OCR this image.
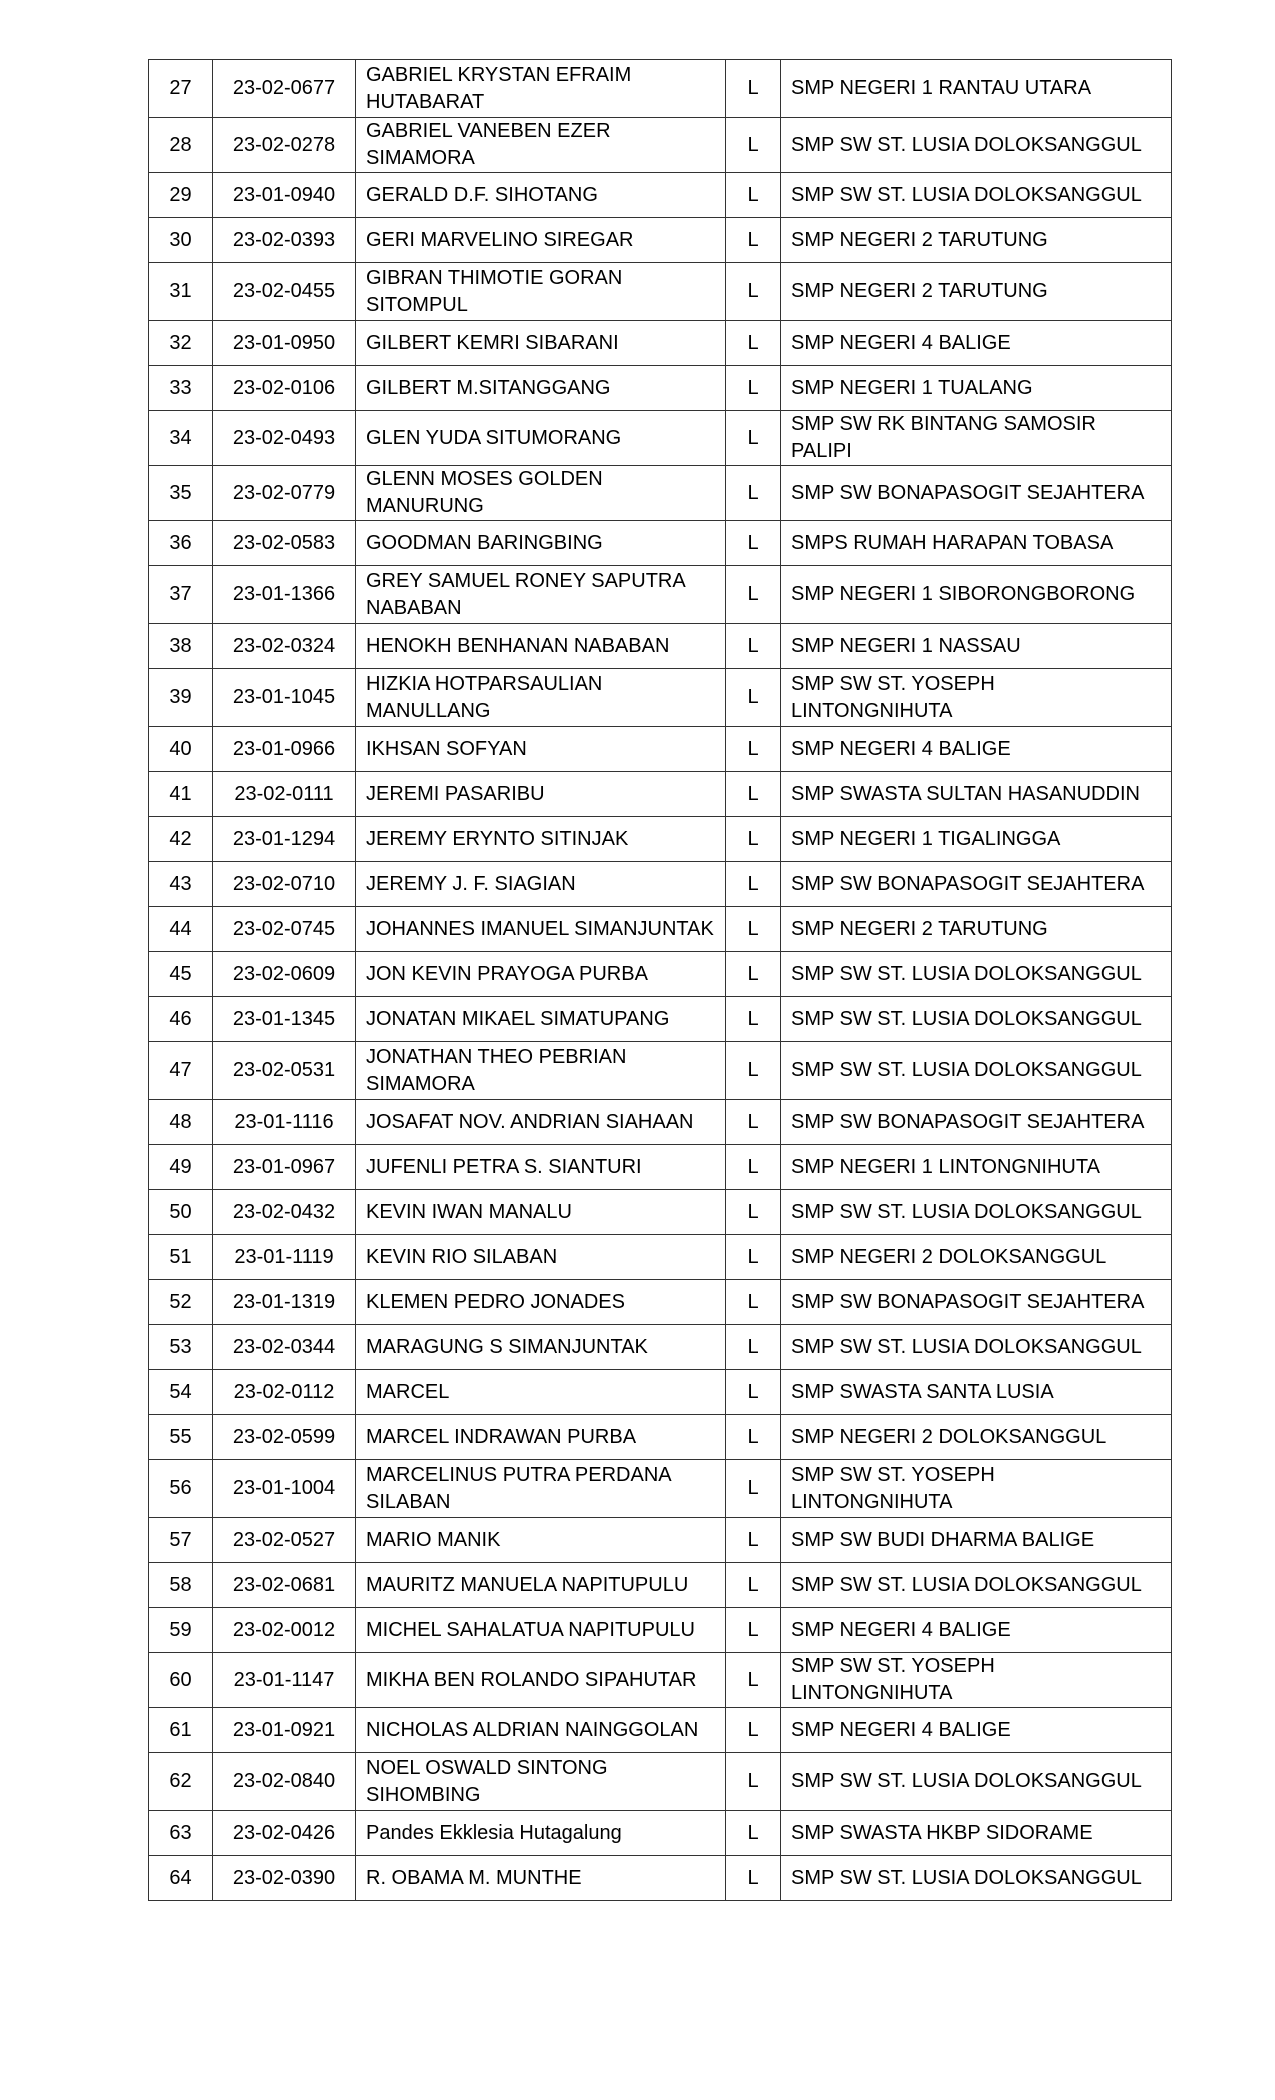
27	23-02-0677	GABRIEL KRYSTAN EFRAIM HUTABARAT	L	SMP NEGERI 1 RANTAU UTARA
28	23-02-0278	GABRIEL VANEBEN EZER SIMAMORA	L	SMP SW ST. LUSIA DOLOKSANGGUL
29	23-01-0940	GERALD D.F. SIHOTANG	L	SMP SW ST. LUSIA DOLOKSANGGUL
30	23-02-0393	GERI MARVELINO SIREGAR	L	SMP NEGERI 2 TARUTUNG
31	23-02-0455	GIBRAN THIMOTIE GORAN SITOMPUL	L	SMP NEGERI 2 TARUTUNG
32	23-01-0950	GILBERT KEMRI SIBARANI	L	SMP NEGERI 4 BALIGE
33	23-02-0106	GILBERT M.SITANGGANG	L	SMP NEGERI 1 TUALANG
34	23-02-0493	GLEN YUDA SITUMORANG	L	SMP SW RK BINTANG SAMOSIR PALIPI
35	23-02-0779	GLENN MOSES GOLDEN MANURUNG	L	SMP SW BONAPASOGIT SEJAHTERA
36	23-02-0583	GOODMAN BARINGBING	L	SMPS RUMAH HARAPAN TOBASA
37	23-01-1366	GREY SAMUEL RONEY SAPUTRA NABABAN	L	SMP NEGERI 1 SIBORONGBORONG
38	23-02-0324	HENOKH BENHANAN NABABAN	L	SMP NEGERI 1 NASSAU
39	23-01-1045	HIZKIA HOTPARSAULIAN MANULLANG	L	SMP SW ST. YOSEPH LINTONGNIHUTA
40	23-01-0966	IKHSAN SOFYAN	L	SMP NEGERI 4 BALIGE
41	23-02-0111	JEREMI PASARIBU	L	SMP SWASTA SULTAN HASANUDDIN
42	23-01-1294	JEREMY ERYNTO SITINJAK	L	SMP NEGERI 1 TIGALINGGA
43	23-02-0710	JEREMY J. F. SIAGIAN	L	SMP SW BONAPASOGIT SEJAHTERA
44	23-02-0745	JOHANNES IMANUEL SIMANJUNTAK	L	SMP NEGERI 2 TARUTUNG
45	23-02-0609	JON KEVIN PRAYOGA PURBA	L	SMP SW ST. LUSIA DOLOKSANGGUL
46	23-01-1345	JONATAN MIKAEL SIMATUPANG	L	SMP SW ST. LUSIA DOLOKSANGGUL
47	23-02-0531	JONATHAN THEO PEBRIAN SIMAMORA	L	SMP SW ST. LUSIA DOLOKSANGGUL
48	23-01-1116	JOSAFAT NOV. ANDRIAN SIAHAAN	L	SMP SW BONAPASOGIT SEJAHTERA
49	23-01-0967	JUFENLI PETRA S. SIANTURI	L	SMP NEGERI 1 LINTONGNIHUTA
50	23-02-0432	KEVIN IWAN MANALU	L	SMP SW ST. LUSIA DOLOKSANGGUL
51	23-01-1119	KEVIN RIO SILABAN	L	SMP NEGERI 2 DOLOKSANGGUL
52	23-01-1319	KLEMEN PEDRO JONADES	L	SMP SW BONAPASOGIT SEJAHTERA
53	23-02-0344	MARAGUNG S SIMANJUNTAK	L	SMP SW ST. LUSIA DOLOKSANGGUL
54	23-02-0112	MARCEL	L	SMP SWASTA SANTA LUSIA
55	23-02-0599	MARCEL INDRAWAN PURBA	L	SMP NEGERI 2 DOLOKSANGGUL
56	23-01-1004	MARCELINUS PUTRA PERDANA SILABAN	L	SMP SW ST. YOSEPH LINTONGNIHUTA
57	23-02-0527	MARIO MANIK	L	SMP SW BUDI DHARMA BALIGE
58	23-02-0681	MAURITZ MANUELA NAPITUPULU	L	SMP SW ST. LUSIA DOLOKSANGGUL
59	23-02-0012	MICHEL SAHALATUA NAPITUPULU	L	SMP NEGERI 4 BALIGE
60	23-01-1147	MIKHA BEN ROLANDO SIPAHUTAR	L	SMP SW ST. YOSEPH LINTONGNIHUTA
61	23-01-0921	NICHOLAS ALDRIAN NAINGGOLAN	L	SMP NEGERI 4 BALIGE
62	23-02-0840	NOEL OSWALD SINTONG SIHOMBING	L	SMP SW ST. LUSIA DOLOKSANGGUL
63	23-02-0426	Pandes Ekklesia Hutagalung	L	SMP SWASTA HKBP SIDORAME
64	23-02-0390	R. OBAMA M. MUNTHE	L	SMP SW ST. LUSIA DOLOKSANGGUL
